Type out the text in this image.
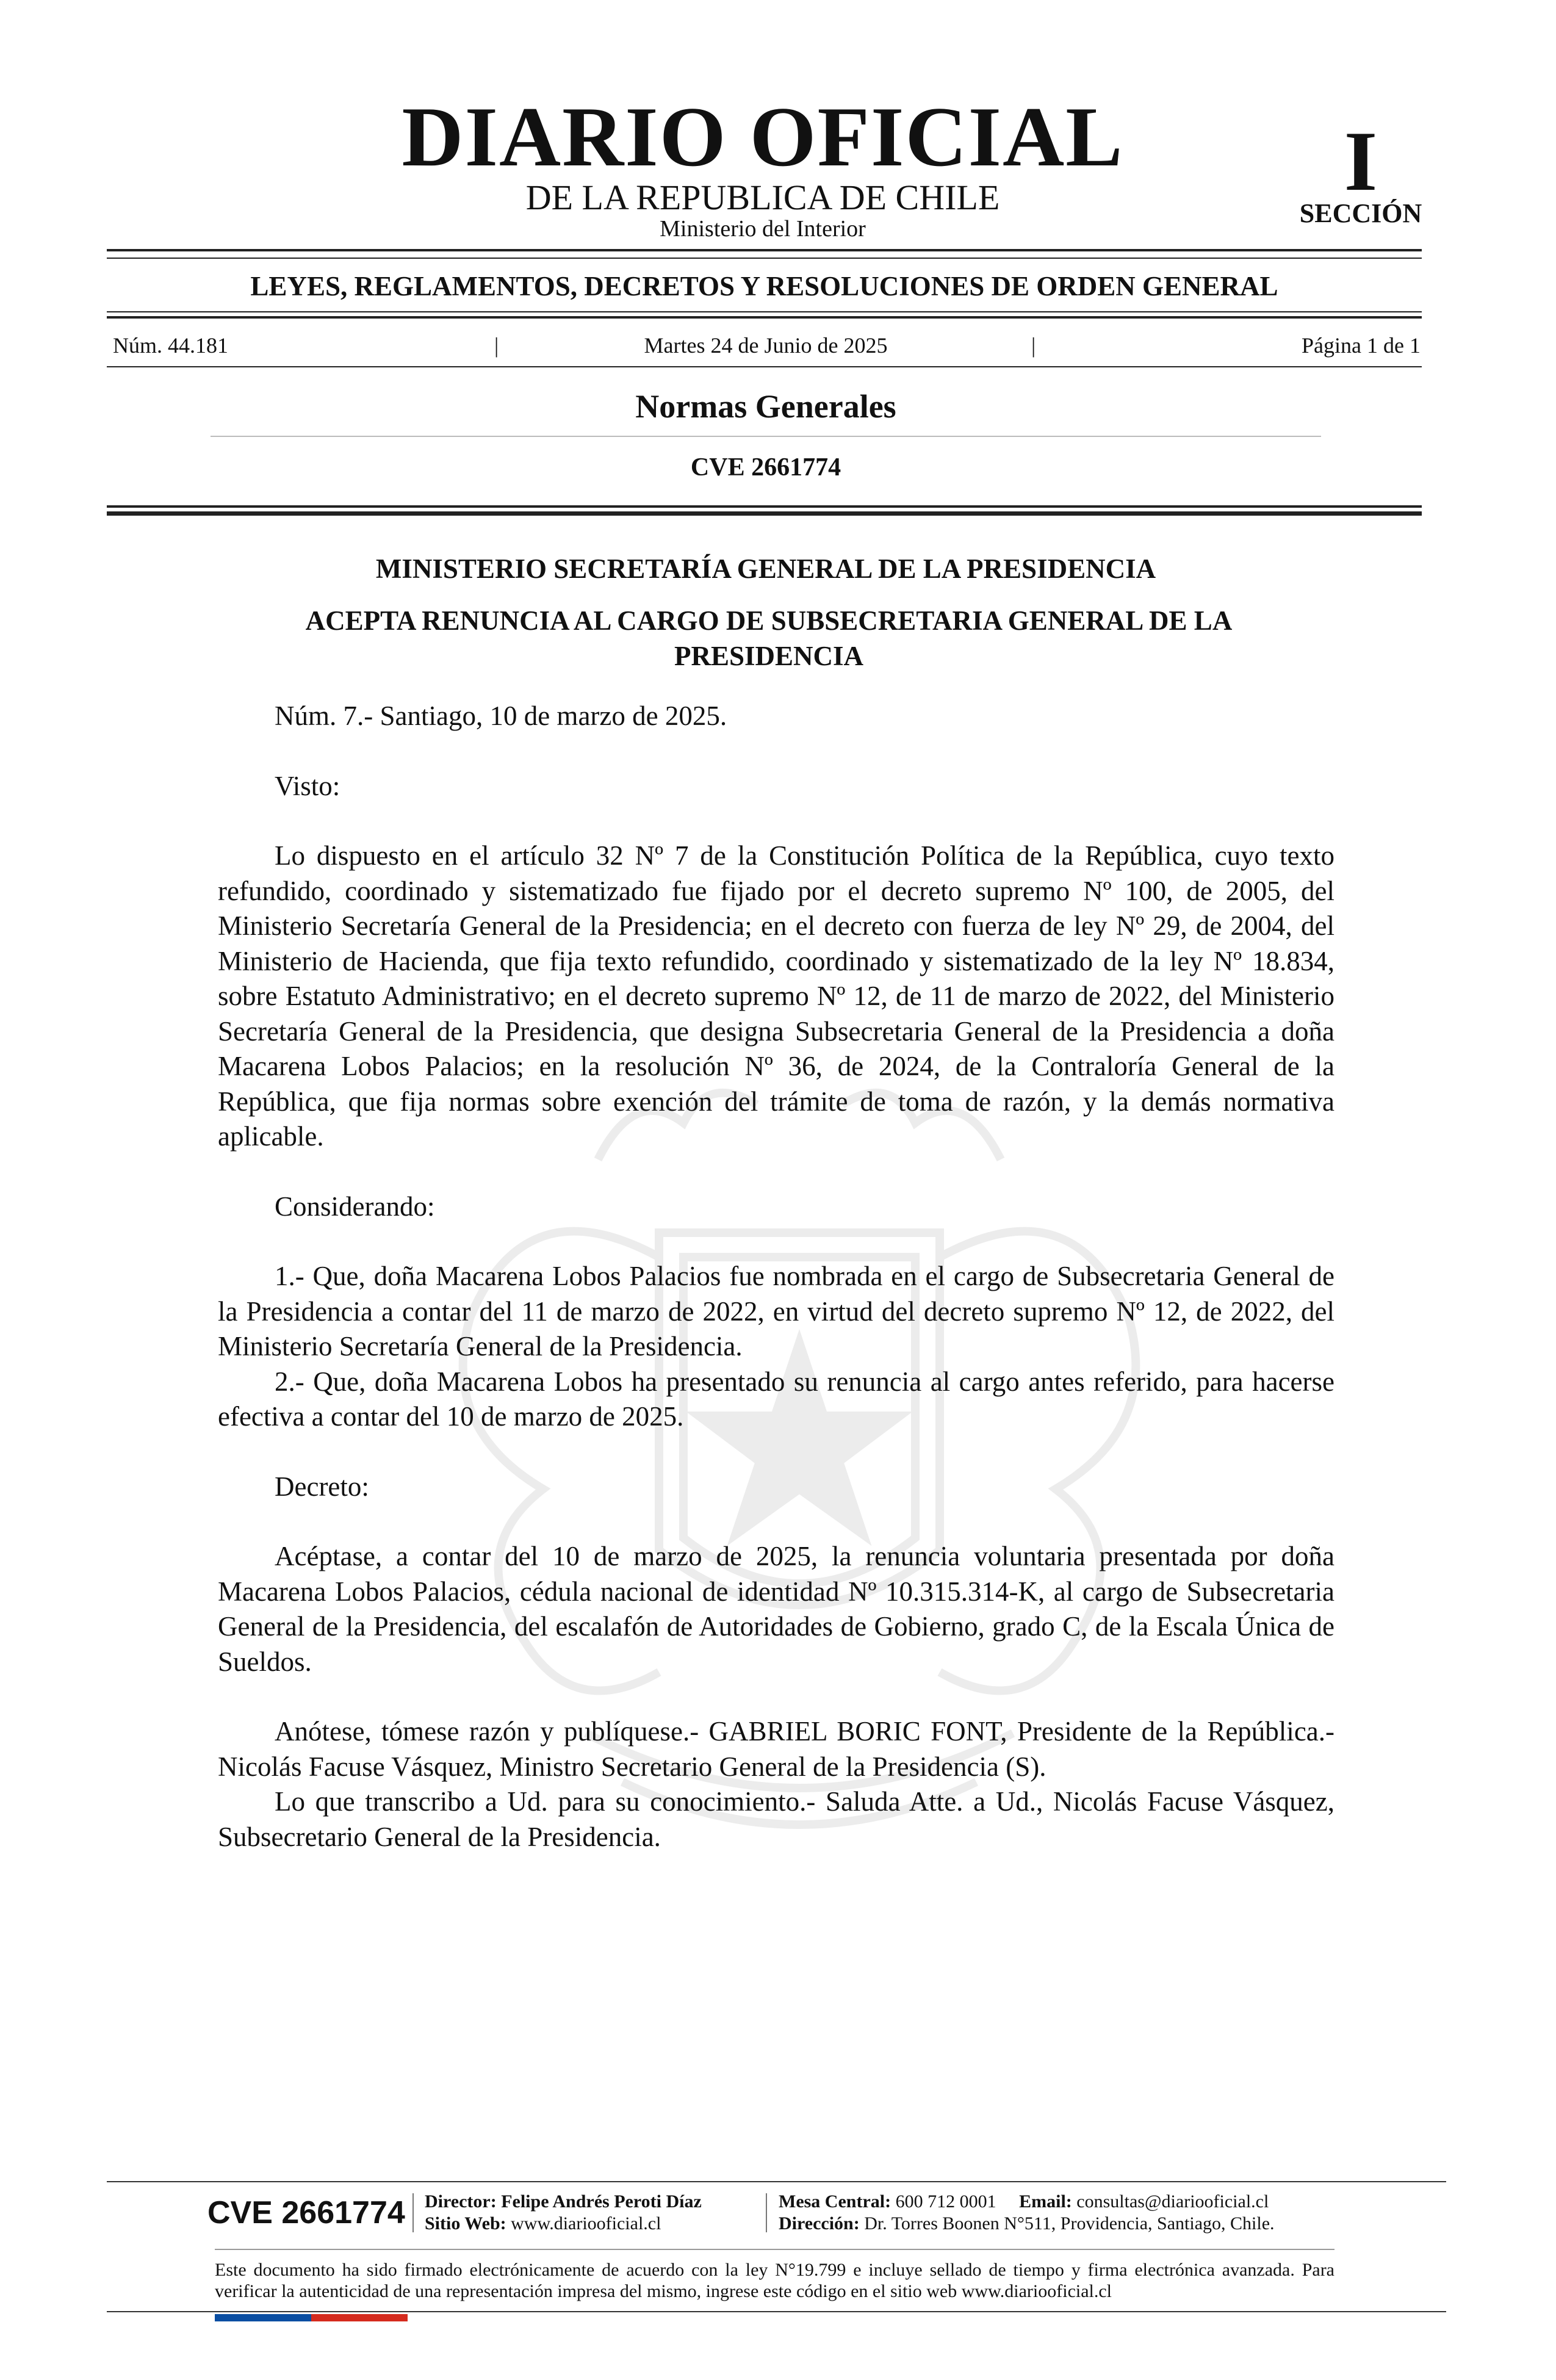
DIARIO OFICIAL
DE LA REPUBLICA DE CHILE
Ministerio del Interior
I
SECCIÓN
LEYES, REGLAMENTOS, DECRETOS Y RESOLUCIONES DE ORDEN GENERAL
Núm. 44.181	|	Martes 24 de Junio de 2025	|	Página 1 de 1
Normas Generales
CVE 2661774
MINISTERIO SECRETARÍA GENERAL DE LA PRESIDENCIA
ACEPTA RENUNCIA AL CARGO DE SUBSECRETARIA GENERAL DE LA PRESIDENCIA

Núm. 7.- Santiago, 10 de marzo de 2025.

Visto:

Lo dispuesto en el artículo 32 Nº 7 de la Constitución Política de la República, cuyo texto refundido, coordinado y sistematizado fue fijado por el decreto supremo Nº 100, de 2005, del Ministerio Secretaría General de la Presidencia; en el decreto con fuerza de ley Nº 29, de 2004, del Ministerio de Hacienda, que fija texto refundido, coordinado y sistematizado de la ley Nº 18.834, sobre Estatuto Administrativo; en el decreto supremo Nº 12, de 11 de marzo de 2022, del Ministerio Secretaría General de la Presidencia, que designa Subsecretaria General de la Presidencia a doña Macarena Lobos Palacios; en la resolución Nº 36, de 2024, de la Contraloría General de la República, que fija normas sobre exención del trámite de toma de razón, y la demás normativa aplicable.

Considerando:

1.- Que, doña Macarena Lobos Palacios fue nombrada en el cargo de Subsecretaria General de la Presidencia a contar del 11 de marzo de 2022, en virtud del decreto supremo Nº 12, de 2022, del Ministerio Secretaría General de la Presidencia.

2.- Que, doña Macarena Lobos ha presentado su renuncia al cargo antes referido, para hacerse efectiva a contar del 10 de marzo de 2025.

Decreto:

Acéptase, a contar del 10 de marzo de 2025, la renuncia voluntaria presentada por doña Macarena Lobos Palacios, cédula nacional de identidad Nº 10.315.314-K, al cargo de Subsecretaria General de la Presidencia, del escalafón de Autoridades de Gobierno, grado C, de la Escala Única de Sueldos.

Anótese, tómese razón y publíquese.- GABRIEL BORIC FONT, Presidente de la República.- Nicolás Facuse Vásquez, Ministro Secretario General de la Presidencia (S).

Lo que transcribo a Ud. para su conocimiento.- Saluda Atte. a Ud., Nicolás Facuse Vásquez, Subsecretario General de la Presidencia.

CVE 2661774 Director: Felipe Andrés Peroti Díaz
Sitio Web: www.diariooficial.cl
Mesa Central: 600 712 0001 Email: consultas@diariooficial.cl
Dirección: Dr. Torres Boonen N°511, Providencia, Santiago, Chile.
Este documento ha sido firmado electrónicamente de acuerdo con la ley N°19.799 e incluye sellado de tiempo y firma electrónica avanzada. Para verificar la autenticidad de una representación impresa del mismo, ingrese este código en el sitio web www.diariooficial.cl
